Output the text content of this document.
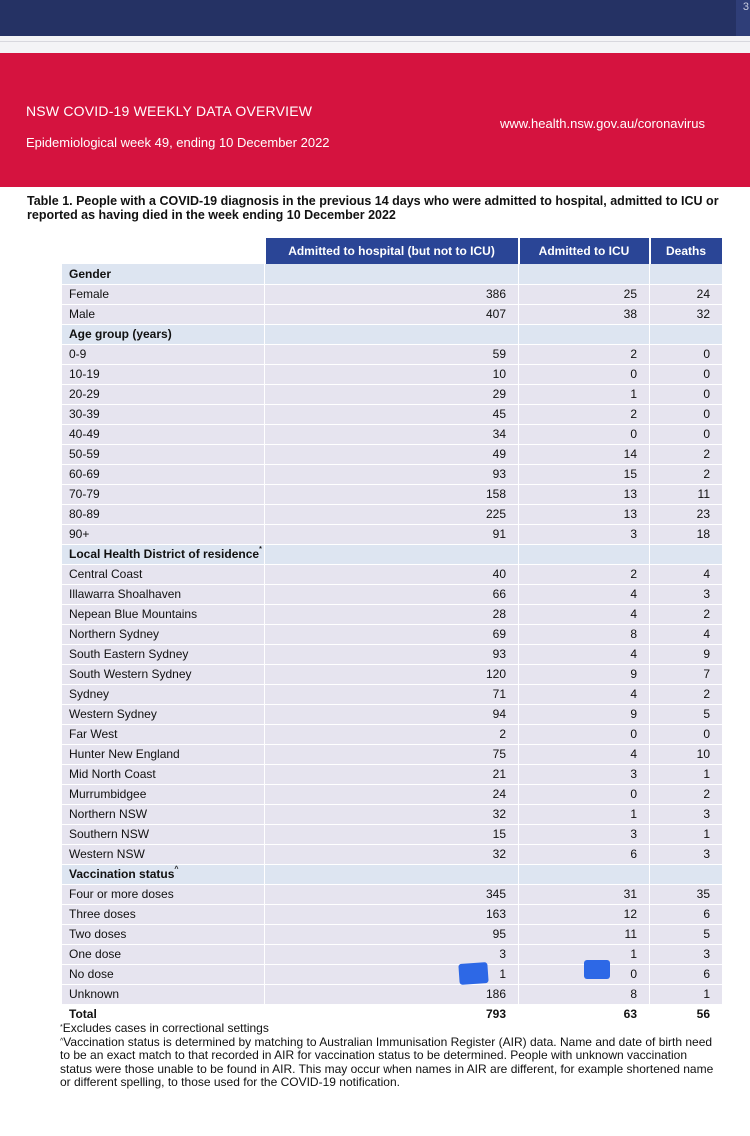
3
NSW COVID-19 WEEKLY DATA OVERVIEW
Epidemiological week 49, ending 10 December 2022
www.health.nsw.gov.au/coronavirus
Table 1. People with a COVID-19 diagnosis in the previous 14 days who were admitted to hospital, admitted to ICU or reported as having died in the week ending 10 December 2022
	Admitted to hospital (but not to ICU)	Admitted to ICU	Deaths
Gender			
Female	386	25	24
Male	407	38	32
Age group (years)			
0-9	59	2	0
10-19	10	0	0
20-29	29	1	0
30-39	45	2	0
40-49	34	0	0
50-59	49	14	2
60-69	93	15	2
70-79	158	13	11
80-89	225	13	23
90+	91	3	18
Local Health District of residence*			
Central Coast	40	2	4
Illawarra Shoalhaven	66	4	3
Nepean Blue Mountains	28	4	2
Northern Sydney	69	8	4
South Eastern Sydney	93	4	9
South Western Sydney	120	9	7
Sydney	71	4	2
Western Sydney	94	9	5
Far West	2	0	0
Hunter New England	75	4	10
Mid North Coast	21	3	1
Murrumbidgee	24	0	2
Northern NSW	32	1	3
Southern NSW	15	3	1
Western NSW	32	6	3
Vaccination status^			
Four or more doses	345	31	35
Three doses	163	12	6
Two doses	95	11	5
One dose	3	1	3
No dose	1	0	6
Unknown	186	8	1
Total	793	63	56
*Excludes cases in correctional settings
^Vaccination status is determined by matching to Australian Immunisation Register (AIR) data. Name and date of birth need to be an exact match to that recorded in AIR for vaccination status to be determined. People with unknown vaccination status were those unable to be found in AIR. This may occur when names in AIR are different, for example shortened name or different spelling, to those used for the COVID-19 notification.
